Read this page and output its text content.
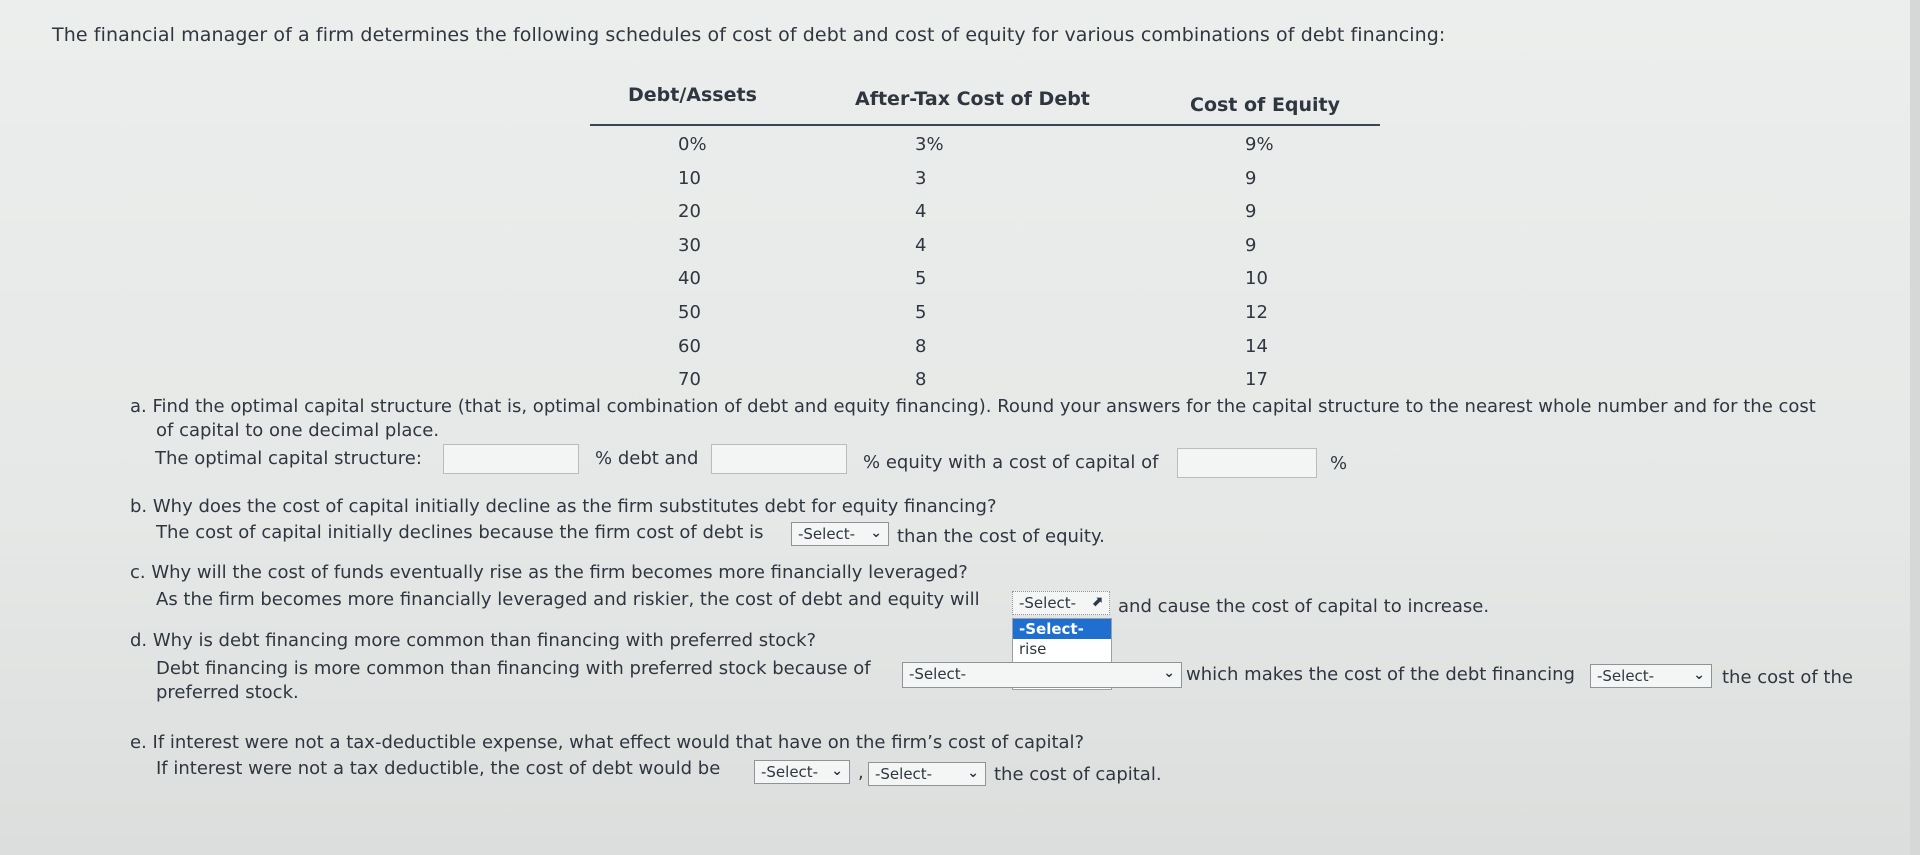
The financial manager of a firm determines the following schedules of cost of debt and cost of equity for various combinations of debt financing:
Debt/Assets	After-Tax Cost of Debt	Cost of Equity
0%	3%	9%
10	3	9
20	4	9
30	4	9
40	5	10
50	5	12
60	8	14
70	8	17
a. Find the optimal capital structure (that is, optimal combination of debt and equity financing). Round your answers for the capital structure to the nearest whole number and for the cost
of capital to one decimal place.
The optimal capital structure:	% debt and	% equity with a cost of capital of	%
b. Why does the cost of capital initially decline as the firm substitutes debt for equity financing?
The cost of capital initially declines because the firm cost of debt is	-Select- ⌄ than the cost of equity.
c. Why will the cost of funds eventually rise as the firm becomes more financially leveraged?
As the firm becomes more financially leveraged and riskier, the cost of debt and equity will	-Select- ⬈ and cause the cost of capital to increase.
-Select-
rise
d. Why is debt financing more common than financing with preferred stock?
Debt financing is more common than financing with preferred stock because of	-Select-	⌄ which makes the cost of the debt financing	-Select-	⌄ the cost of the
preferred stock.
e. If interest were not a tax-deductible expense, what effect would that have on the firm’s cost of capital?
If interest were not a tax deductible, the cost of debt would be	-Select- ⌄ , -Select-	⌄ the cost of capital.
